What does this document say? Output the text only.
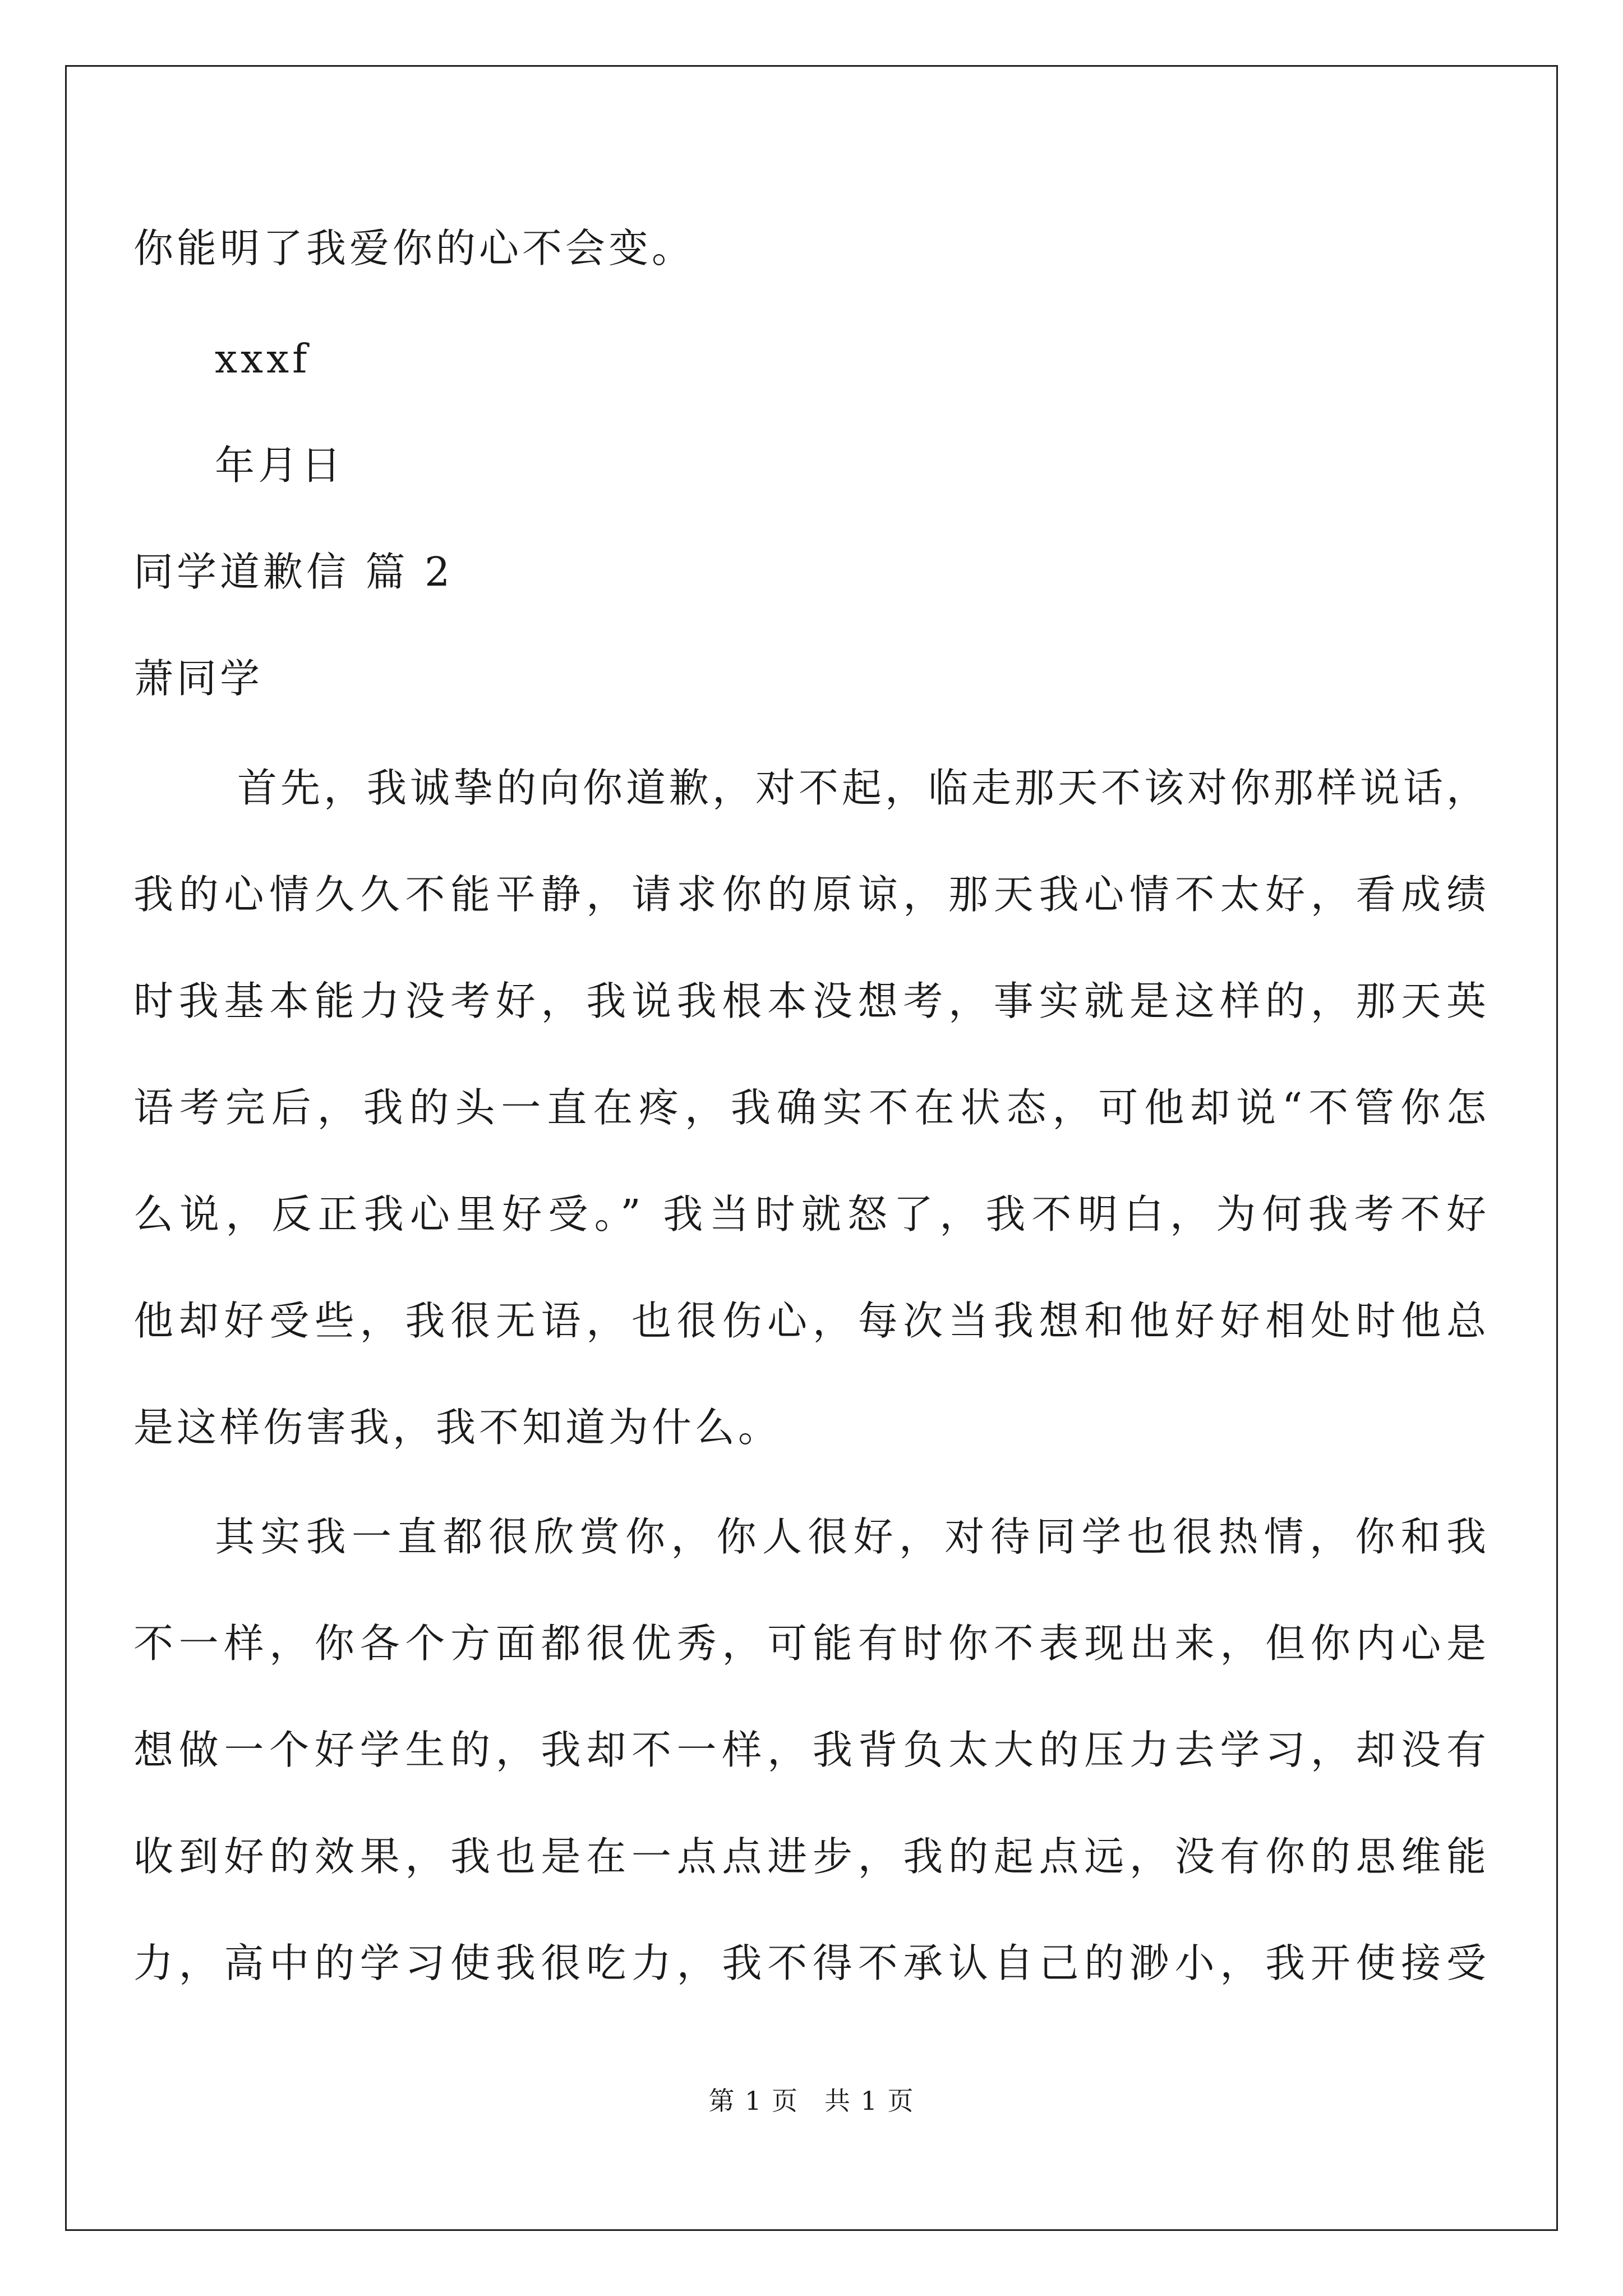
你能明了我爱你的心不会变。
xxxf
年月日
同学道歉信 篇 2
萧同学
首先，我诚挚的向你道歉，对不起，临走那天不该对你那样说话，
我的心情久久不能平静，请求你的原谅，那天我心情不太好，看成绩
时我基本能力没考好，我说我根本没想考，事实就是这样的，那天英
语考完后，我的头一直在疼，我确实不在状态，可他却说“不管你怎
么说，反正我心里好受。” 我当时就怒了，我不明白，为何我考不好
他却好受些，我很无语，也很伤心，每次当我想和他好好相处时他总
是这样伤害我，我不知道为什么。
其实我一直都很欣赏你，你人很好，对待同学也很热情，你和我
不一样，你各个方面都很优秀，可能有时你不表现出来，但你内心是
想做一个好学生的，我却不一样，我背负太大的压力去学习，却没有
收到好的效果，我也是在一点点进步，我的起点远，没有你的思维能
力，高中的学习使我很吃力，我不得不承认自己的渺小，我开使接受
第 1 页 共 1 页
